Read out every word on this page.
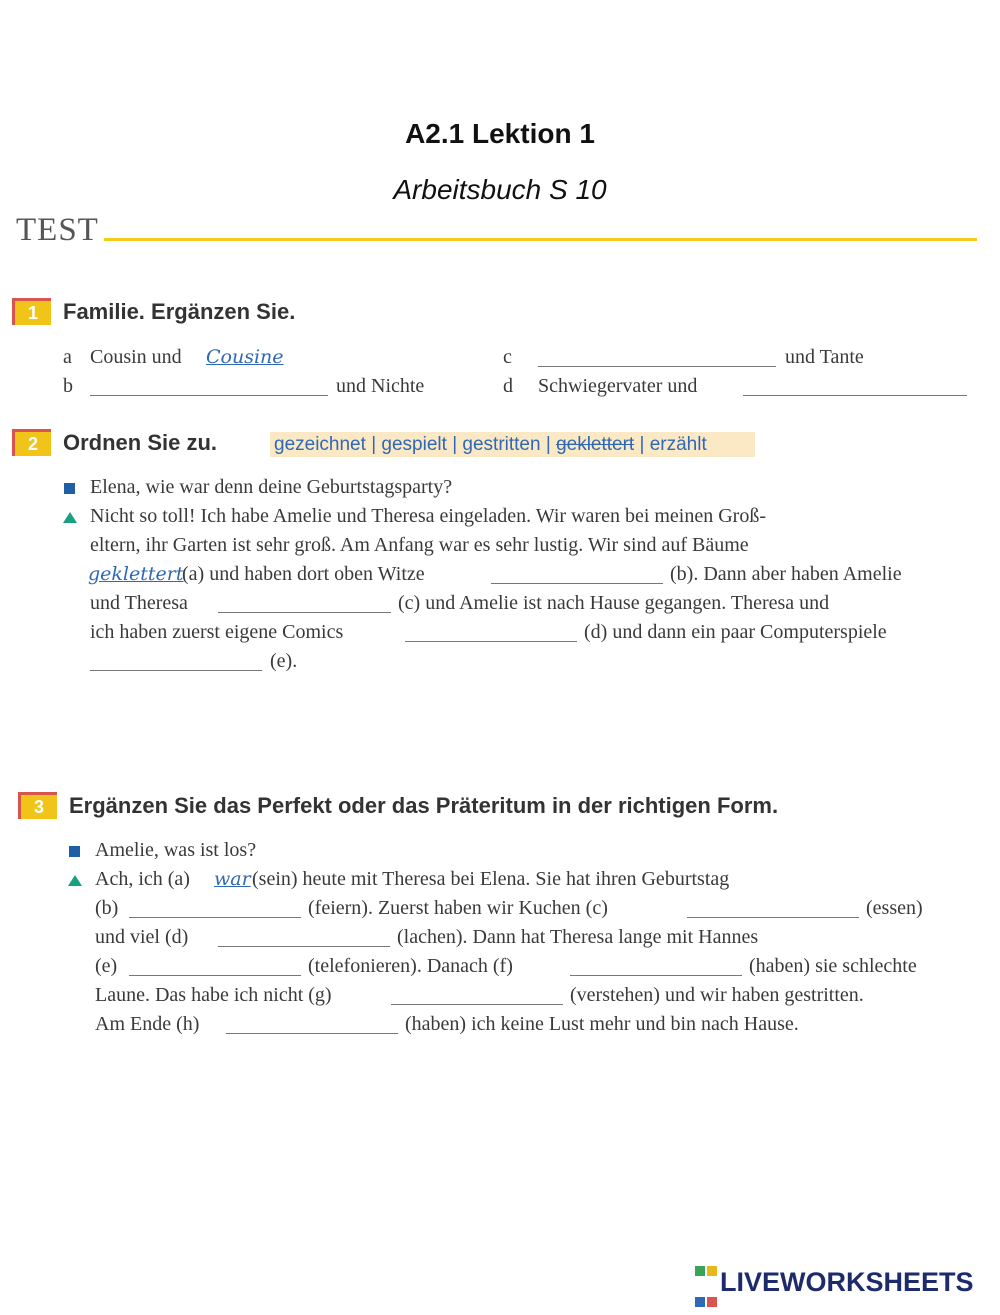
A2.1 Lektion 1
Arbeitsbuch S 10
TEST
1	Familie. Ergänzen Sie.
a Cousin und Cousine	c	und Tante
b	und Nichte	d Schwiegervater und
2	Ordnen Sie zu.	gezeichnet | gespielt | gestritten | geklettert | erzählt
Elena, wie war denn deine Geburtstagsparty?
Nicht so toll! Ich habe Amelie und Theresa eingeladen. Wir waren bei meinen Groß-
eltern, ihr Garten ist sehr groß. Am Anfang war es sehr lustig. Wir sind auf Bäume
geklettert
(a) und haben dort oben Witze	(b). Dann aber haben Amelie
und Theresa	(c) und Amelie ist nach Hause gegangen. Theresa und
ich haben zuerst eigene Comics	(d) und dann ein paar Computerspiele
(e).
3	Ergänzen Sie das Perfekt oder das Präteritum in der richtigen Form.
Amelie, was ist los?
Ach, ich (a) war (sein) heute mit Theresa bei Elena. Sie hat ihren Geburtstag
(b)	(feiern). Zuerst haben wir Kuchen (c)	(essen)
und viel (d)	(lachen). Dann hat Theresa lange mit Hannes
(e)	(telefonieren). Danach (f)	(haben) sie schlechte
Laune. Das habe ich nicht (g)	(verstehen) und wir haben gestritten.
Am Ende (h)	(haben) ich keine Lust mehr und bin nach Hause.

LIVEWORKSHEETS
